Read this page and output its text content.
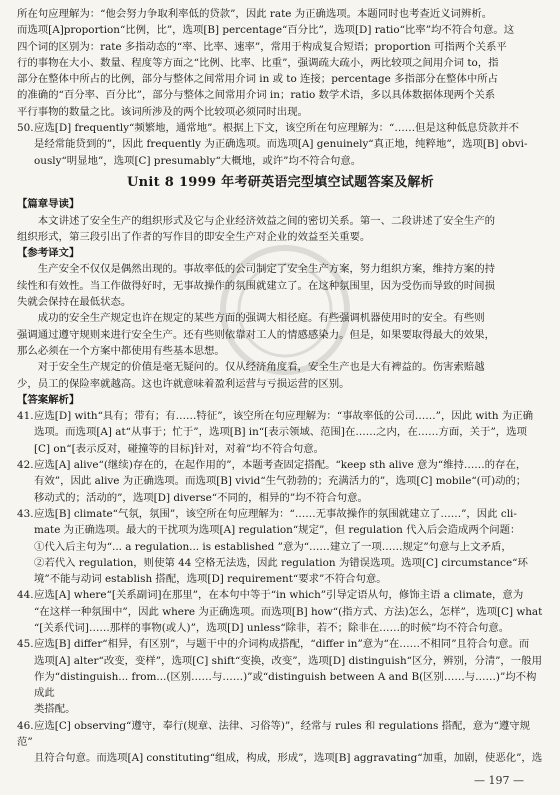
所在句应理解为：“他会努力争取利率低的贷款”，因此 rate 为正确选项。本题同时也考查近义词辨析。
而选项[A]proportion“比例，比”，选项[B] percentage“百分比”，选项[D] ratio“比率”均不符合句意。这
四个词的区别为：rate 多指动态的“率、比率、速率”，常用于构成复合短语；proportion 可指两个关系平
行的事物在大小、数量、程度等方面之“比例、比率、比重”，强调疏大疏小，两比较项之间用介词 to，指
部分在整体中所占的比例，部分与整体之间常用介词 in 或 to 连接；percentage 多指部分在整体中所占
的准确的“百分率、百分比”，部分与整体之间常用介词 in；ratio 数学术语，多以具体数据体现两个关系
平行事物的数量之比。该词所涉及的两个比较项必须同时出现。
50.应选[D] frequently“频繁地，通常地”。根据上下文，该空所在句应理解为：“……但是这种低息贷款并不
是经常能贷到的”，因此 frequently 为正确选项。而选项[A] genuinely“真正地，纯粹地”，选项[B] obvi-
ously“明显地”，选项[C] presumably“大概地，或许”均不符合句意。
Unit 8 1999 年考研英语完型填空试题答案及解析
【篇章导读】
本文讲述了安全生产的组织形式及它与企业经济效益之间的密切关系。第一、二段讲述了安全生产的
组织形式，第三段引出了作者的写作目的即安全生产对企业的效益至关重要。
【参考译文】
生产安全不仅仅是偶然出现的。事故率低的公司制定了安全生产方案，努力组织方案，维持方案的持
续性和有效性。当工作做得好时，无事故操作的氛围就建立了。在这种氛围里，因为受伤而导致的时间损
失就会保持在最低状态。
成功的安全生产规定也许在规定的某些方面的强调大相径庭。有些强调机器使用时的安全。有些则
强调通过遵守规则来进行安全生产。还有些则依靠对工人的情感感染力。但是，如果要取得最大的效果，
那么必须在一个方案中都使用有些基本思想。
对于安全生产规定的价值是毫无疑问的。仅从经济角度看，安全生产也是大有裨益的。伤害索赔越
少，员工的保险率就越高。这也许就意味着盈利运营与亏损运营的区别。
【答案解析】
41.应选[D] with“具有；带有；有……特征”，该空所在句应理解为：“事故率低的公司……”，因此 with 为正确
选项。而选项[A] at“从事于；忙于”，选项[B] in“[表示领域、范围]在……之内，在……方面，关于”，选项
[C] on“[表示反对，碰撞等的目标]针对，对着”均不符合句意。
42.应选[A] alive“(继续)存在的，在起作用的”，本题考查固定搭配。“keep sth alive 意为“维持……的存在，
有效”，因此 alive 为正确选项。而选项[B] vivid“生气勃勃的；充满活力的”，选项[C] mobile“(可)动的；
移动式的；活动的”，选项[D] diverse“不同的，相异的”均不符合句意。
43.应选[B] climate“气氛，氛围”，该空所在句应理解为：“……无事故操作的氛围就建立了……”，因此 cli-
mate 为正确选项。最大的干扰项为选项[A] regulation“规定”，但 regulation 代入后会造成两个问题：
①代入后主句为“... a regulation... is established ”意为“……建立了一项……规定”句意与上文矛盾，
②若代入 regulation，则使第 44 空格无法选，因此 regulation 为错误选项。选项[C] circumstance“环
境”不能与动词 establish 搭配，选项[D] requirement“要求”不符合句意。
44.应选[A] where“[关系副词]在那里”，在本句中等于“in which”引导定语从句，修饰主语 a climate，意为
“在这样一种氛围中”，因此 where 为正确选项。而选项[B] how“(指方式、方法)怎么，怎样”，选项[C] what
“[关系代词]……那样的事物(或人)”，选项[D] unless“除非，若不；除非在……的时候”均不符合句意。
45.应选[B] differ“相异，有区别”，与题干中的介词构成搭配，“differ in”意为“在……不相同”且符合句意。而
选项[A] alter“改变，变样”，选项[C] shift“变换，改变”，选项[D] distinguish“区分，辨别，分清”，一般用
作为“distinguish... from...(区别……与……)”或“distinguish between A and B(区别……与……)”均不构成此
类搭配。
46.应选[C] observing“遵守，奉行(规章、法律、习俗等)”，经常与 rules 和 regulations 搭配，意为“遵守规范”
且符合句意。而选项[A] constituting“组成，构成，形成”，选项[B] aggravating“加重，加剧，使恶化”，选
— 197 —
